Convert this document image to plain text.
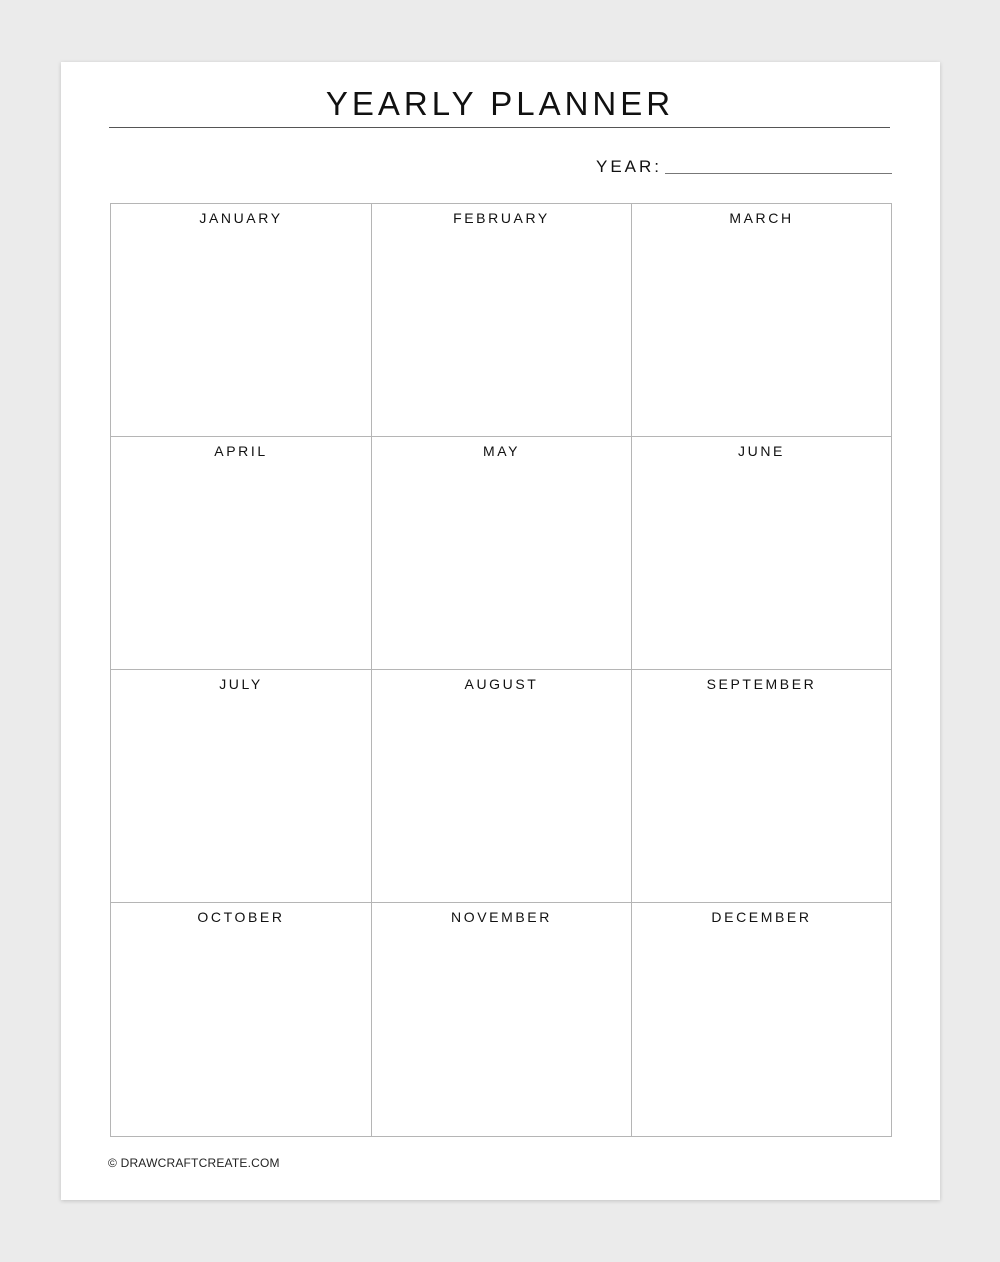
YEARLY PLANNER
YEAR:
JANUARY	FEBRUARY	MARCH
APRIL	MAY	JUNE
JULY	AUGUST	SEPTEMBER
OCTOBER	NOVEMBER	DECEMBER
© DRAWCRAFTCREATE.COM
